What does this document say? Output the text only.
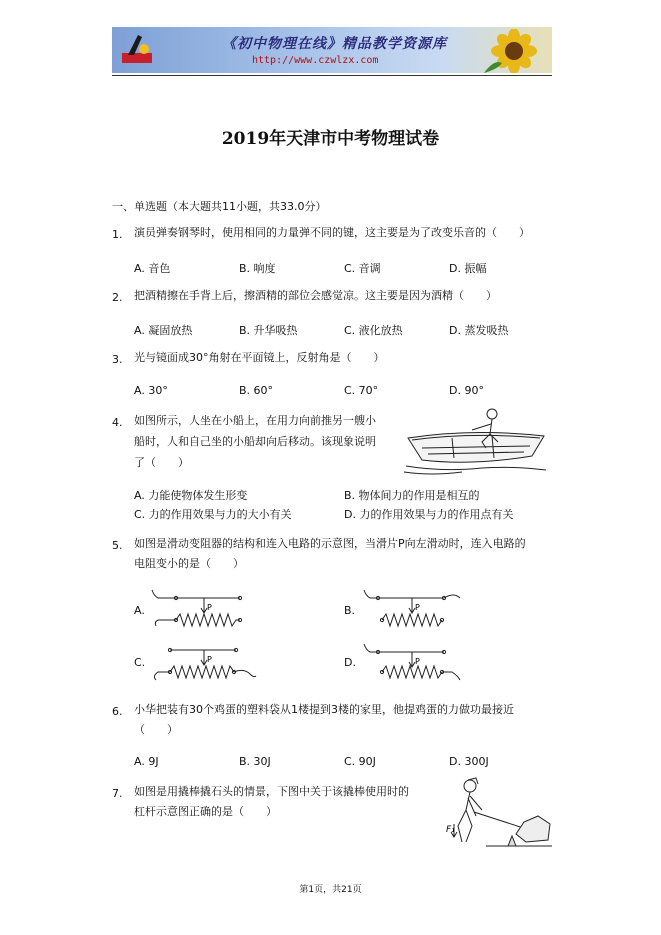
《初中物理在线》精品教学资源库
http://www.czwlzx.com
2019年天津市中考物理试卷
一、单选题（本大题共11小题，共33.0分）
1. 演员弹奏钢琴时，使用相同的力量弹不同的键，这主要是为了改变乐音的（　　）
A. 音色	B. 响度	C. 音调	D. 振幅
2. 把酒精擦在手背上后，擦酒精的部位会感觉凉。这主要是因为酒精（　　）
A. 凝固放热	B. 升华吸热	C. 液化放热	D. 蒸发吸热
3. 光与镜面成30°角射在平面镜上，反射角是（　　）
A. 30°	B. 60°	C. 70°	D. 90°
4. 如图所示，人坐在小船上，在用力向前推另一艘小
船时，人和自己坐的小船却向后移动。该现象说明
了（　　）
A. 力能使物体发生形变	B. 物体间力的作用是相互的
C. 力的作用效果与力的大小有关	D. 力的作用效果与力的作用点有关
5. 如图是滑动变阻器的结构和连入电路的示意图，当滑片P向左滑动时，连入电路的
电阻变小的是（　　）
A.	B.
C.	D.
P	P
P	P
6. 小华把装有30个鸡蛋的塑料袋从1楼提到3楼的家里，他提鸡蛋的力做功最接近
（　　）
A. 9J	B. 30J	C. 90J	D. 300J
7. 如图是用撬棒撬石头的情景，下图中关于该撬棒使用时的
杠杆示意图正确的是（　　）
F₁
第1页，共21页
